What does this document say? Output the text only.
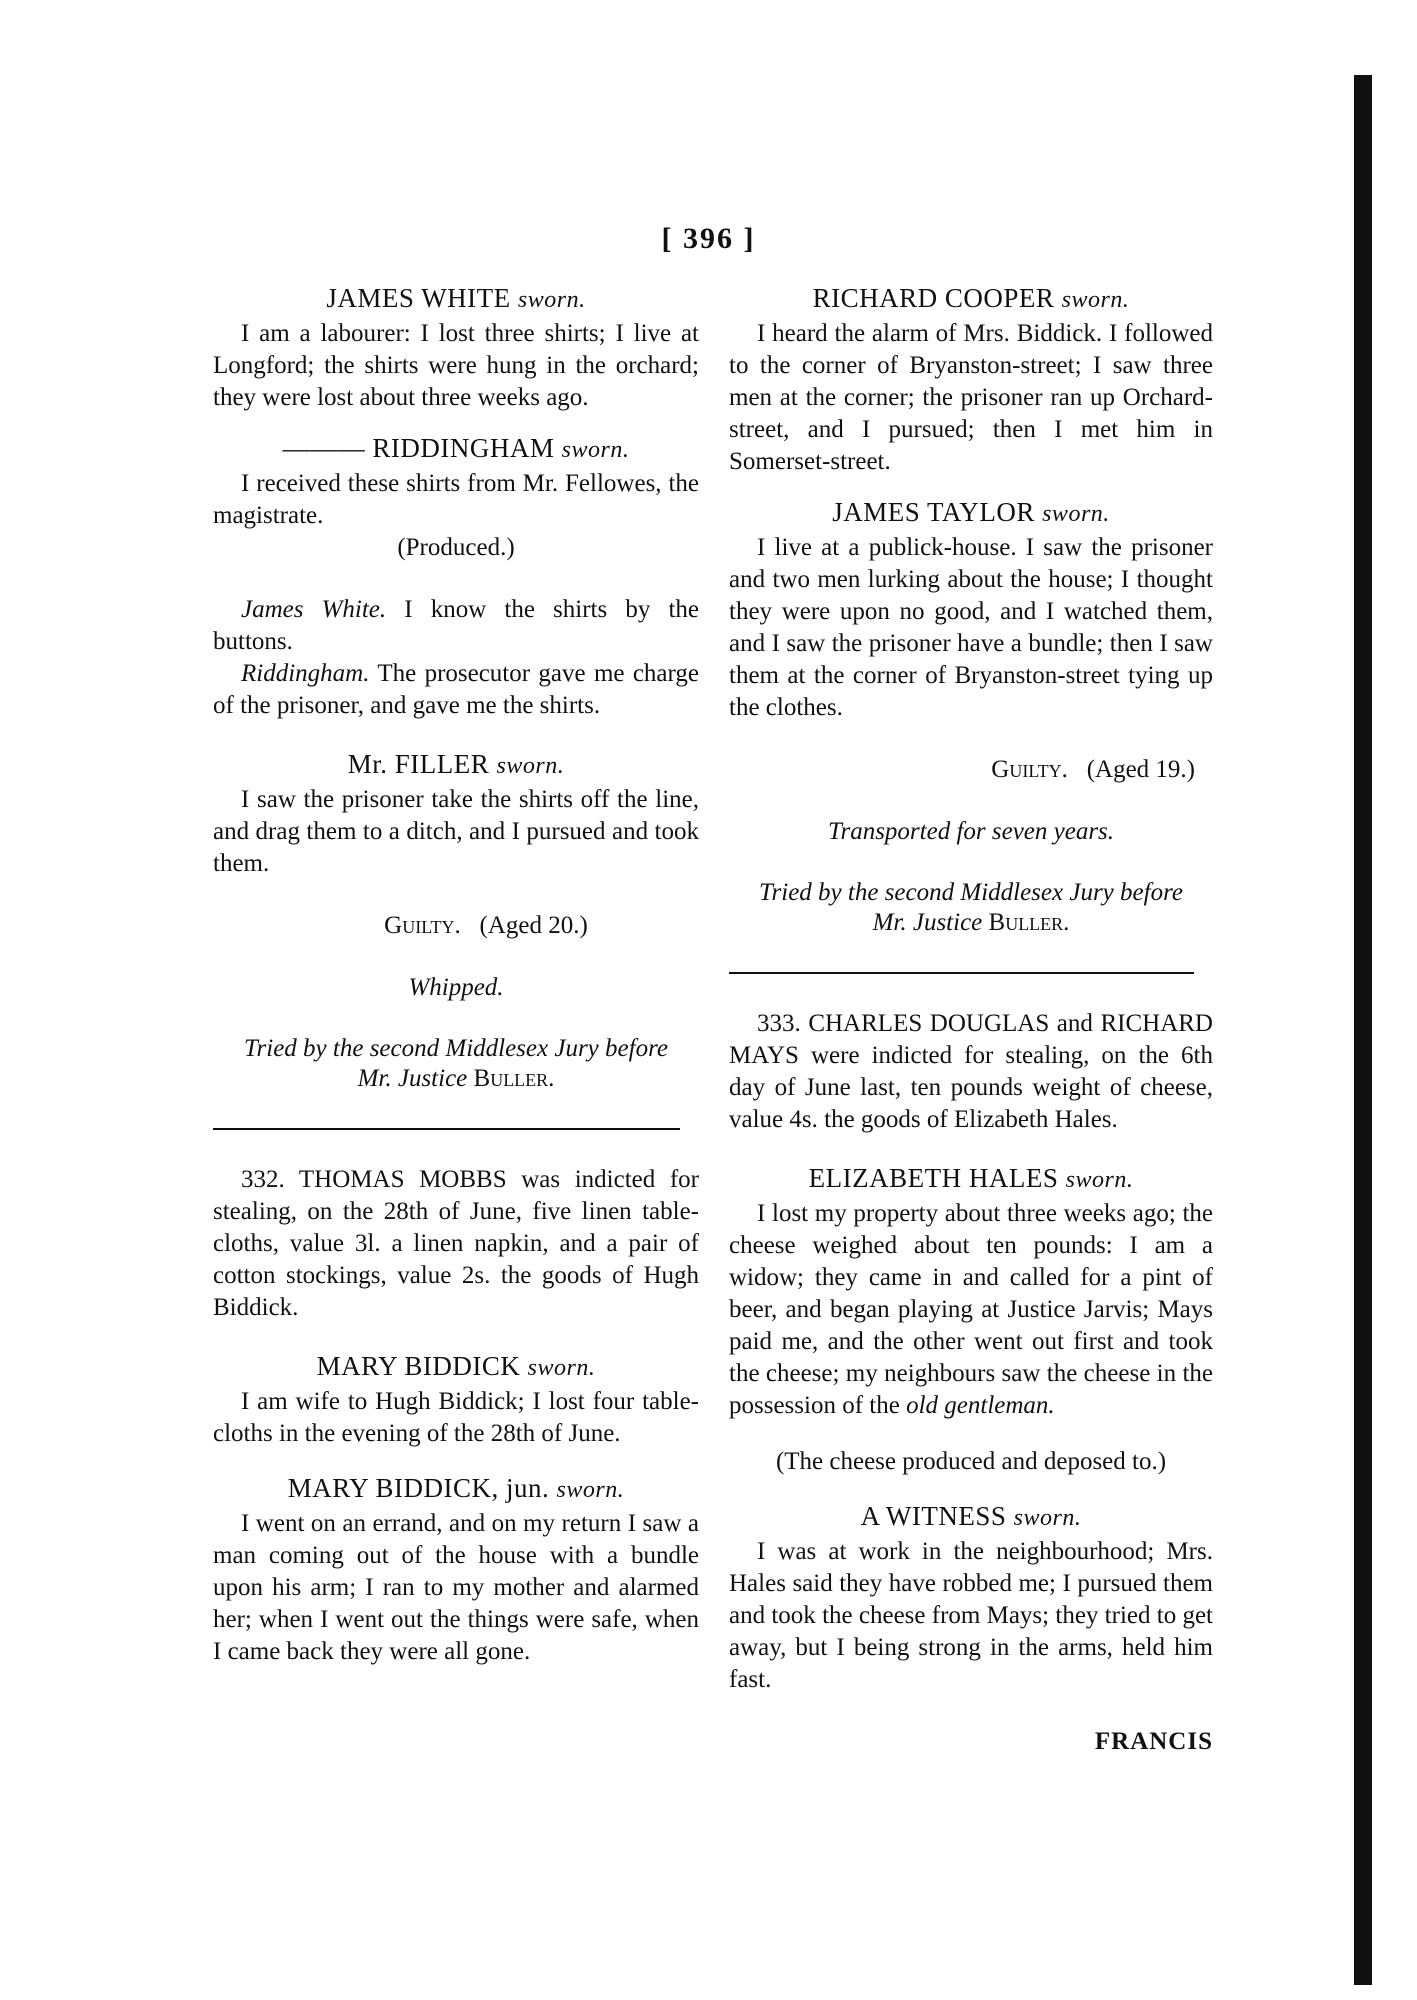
[ 396 ]
JAMES WHITE sworn.

I am a labourer: I lost three shirts; I live at Longford; the shirts were hung in the orchard; they were lost about three weeks ago.

——— RIDDINGHAM sworn.

I received these shirts from Mr. Fellowes, the magistrate.

(Produced.)

James White. I know the shirts by the buttons.

Riddingham. The prosecutor gave me charge of the prisoner, and gave me the shirts.

Mr. FILLER sworn.

I saw the prisoner take the shirts off the line, and drag them to a ditch, and I pursued and took them.

Guilty. (Aged 20.)

Whipped.

Tried by the second Middlesex Jury before
Mr. Justice Buller.

332. THOMAS MOBBS was indicted for stealing, on the 28th of June, five linen table-cloths, value 3l. a linen napkin, and a pair of cotton stockings, value 2s. the goods of Hugh Biddick.

MARY BIDDICK sworn.

I am wife to Hugh Biddick; I lost four table-cloths in the evening of the 28th of June.

MARY BIDDICK, jun. sworn.

I went on an errand, and on my return I saw a man coming out of the house with a bundle upon his arm; I ran to my mother and alarmed her; when I went out the things were safe, when I came back they were all gone.

RICHARD COOPER sworn.

I heard the alarm of Mrs. Biddick. I followed to the corner of Bryanston-street; I saw three men at the corner; the prisoner ran up Orchard-street, and I pursued; then I met him in Somerset-street.

JAMES TAYLOR sworn.

I live at a publick-house. I saw the prisoner and two men lurking about the house; I thought they were upon no good, and I watched them, and I saw the prisoner have a bundle; then I saw them at the corner of Bryanston-street tying up the clothes.

Guilty. (Aged 19.)

Transported for seven years.

Tried by the second Middlesex Jury before
Mr. Justice Buller.

333. CHARLES DOUGLAS and RICHARD MAYS were indicted for stealing, on the 6th day of June last, ten pounds weight of cheese, value 4s. the goods of Elizabeth Hales.

ELIZABETH HALES sworn.

I lost my property about three weeks ago; the cheese weighed about ten pounds: I am a widow; they came in and called for a pint of beer, and began playing at Justice Jarvis; Mays paid me, and the other went out first and took the cheese; my neighbours saw the cheese in the possession of the old gentleman.

(The cheese produced and deposed to.)

A WITNESS sworn.

I was at work in the neighbourhood; Mrs. Hales said they have robbed me; I pursued them and took the cheese from Mays; they tried to get away, but I being strong in the arms, held him fast.

FRANCIS
